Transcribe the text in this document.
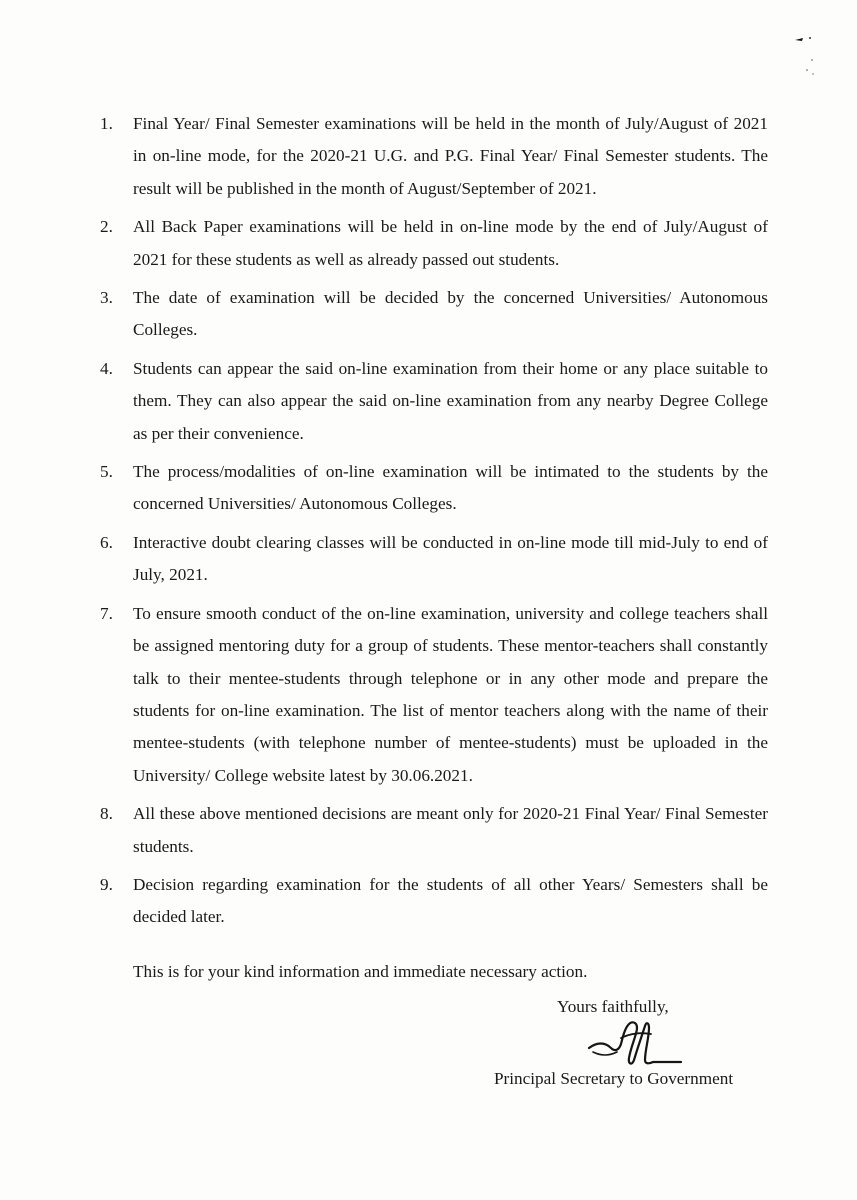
1.	Final Year/ Final Semester examinations will be held in the month of July/August of 2021 in on-line mode, for the 2020-21 U.G. and P.G. Final Year/ Final Semester students. The result will be published in the month of August/September of 2021.
2.	All Back Paper examinations will be held in on-line mode by the end of July/August of 2021 for these students as well as already passed out students.
3.	The date of examination will be decided by the concerned Universities/ Autonomous Colleges.
4.	Students can appear the said on-line examination from their home or any place suitable to them. They can also appear the said on-line examination from any nearby Degree College as per their convenience.
5.	The process/modalities of on-line examination will be intimated to the students by the concerned Universities/ Autonomous Colleges.
6.	Interactive doubt clearing classes will be conducted in on-line mode till mid-July to end of July, 2021.
7.	To ensure smooth conduct of the on-line examination, university and college teachers shall be assigned mentoring duty for a group of students. These mentor-teachers shall constantly talk to their mentee-students through telephone or in any other mode and prepare the students for on-line examination. The list of mentor teachers along with the name of their mentee-students (with telephone number of mentee-students) must be uploaded in the University/ College website latest by 30.06.2021.
8.	All these above mentioned decisions are meant only for 2020-21 Final Year/ Final Semester students.
9.	Decision regarding examination for the students of all other Years/ Semesters shall be decided later.

This is for your kind information and immediate necessary action.

Yours faithfully,

Principal Secretary to Government
